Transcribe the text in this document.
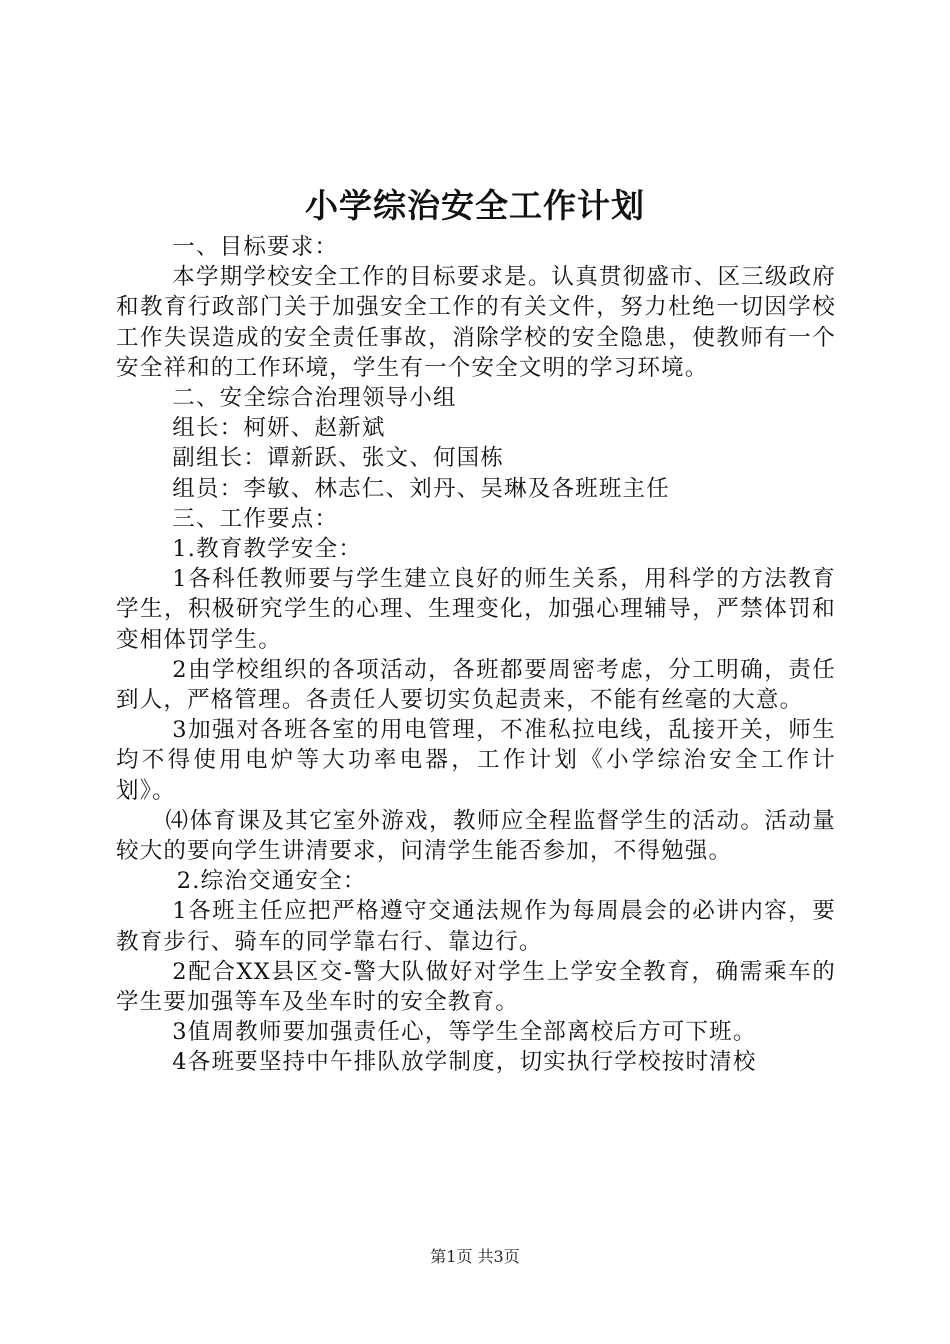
小学综治安全工作计划

一、目标要求：

本学期学校安全工作的目标要求是。认真贯彻盛市、区三级政府和教育行政部门关于加强安全工作的有关文件，努力杜绝一切因学校工作失误造成的安全责任事故，消除学校的安全隐患，使教师有一个安全祥和的工作环境，学生有一个安全文明的学习环境。

二、安全综合治理领导小组

组长：柯妍、赵新斌

副组长：谭新跃、张文、何国栋

组员：李敏、林志仁、刘丹、吴琳及各班班主任

三、工作要点：

1.教育教学安全：

1各科任教师要与学生建立良好的师生关系，用科学的方法教育学生，积极研究学生的心理、生理变化，加强心理辅导，严禁体罚和变相体罚学生。

2由学校组织的各项活动，各班都要周密考虑，分工明确，责任到人，严格管理。各责任人要切实负起责来，不能有丝毫的大意。

3加强对各班各室的用电管理，不准私拉电线，乱接开关，师生均不得使用电炉等大功率电器，工作计划《小学综治安全工作计划》。

⑷体育课及其它室外游戏，教师应全程监督学生的活动。活动量较大的要向学生讲清要求，问清学生能否参加，不得勉强。

2.综治交通安全：

1各班主任应把严格遵守交通法规作为每周晨会的必讲内容，要教育步行、骑车的同学靠右行、靠边行。

2配合XX县区交-警大队做好对学生上学安全教育，确需乘车的学生要加强等车及坐车时的安全教育。

3值周教师要加强责任心，等学生全部离校后方可下班。

4各班要坚持中午排队放学制度，切实执行学校按时清校

第1页 共3页
